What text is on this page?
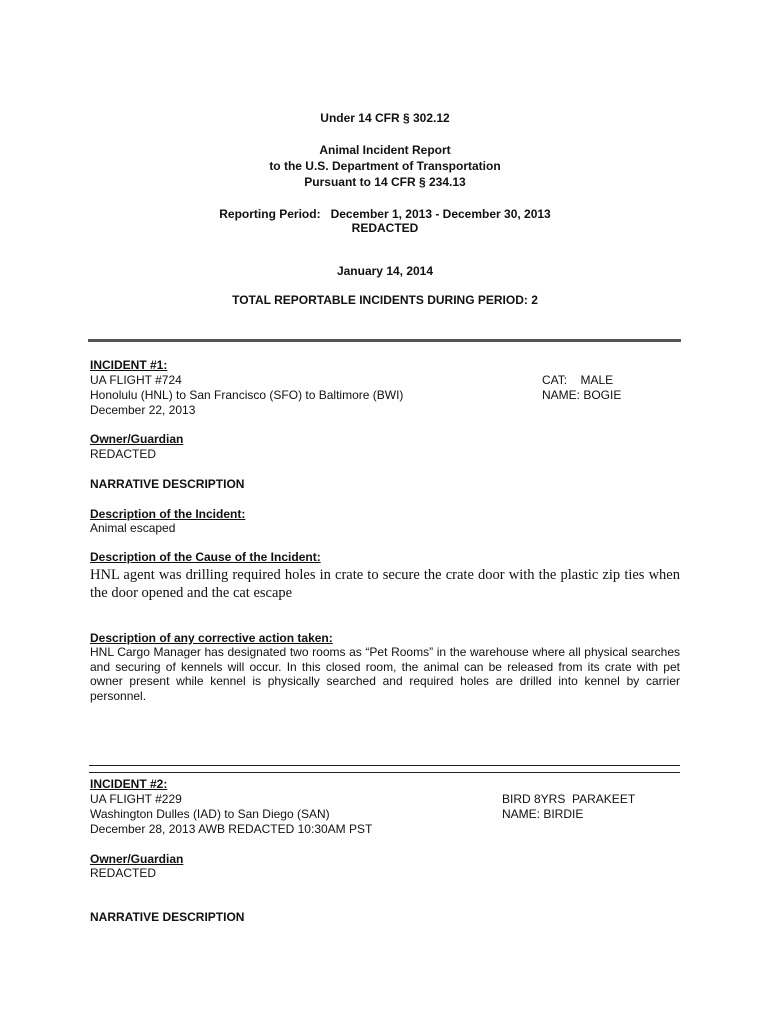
Under 14 CFR § 302.12
Animal Incident Report
to the U.S. Department of Transportation
Pursuant to 14 CFR § 234.13
Reporting Period:   December 1, 2013 - December 30, 2013
REDACTED
January 14, 2014
TOTAL REPORTABLE INCIDENTS DURING PERIOD: 2
INCIDENT #1:
UA FLIGHT #724
Honolulu (HNL) to San Francisco (SFO) to Baltimore (BWI)
December 22, 2013
CAT:    MALE
NAME: BOGIE
Owner/Guardian
REDACTED
NARRATIVE DESCRIPTION
Description of the Incident:
Animal escaped
Description of the Cause of the Incident:
HNL agent was drilling required holes in crate to secure the crate door with the plastic zip ties when the door opened and the cat escape
Description of any corrective action taken:
HNL Cargo Manager has designated two rooms as “Pet Rooms” in the warehouse where all physical searches and securing of kennels will occur. In this closed room, the animal can be released from its crate with pet owner present while kennel is physically searched and required holes are drilled into kennel by carrier personnel.
INCIDENT #2:
UA FLIGHT #229
Washington Dulles (IAD) to San Diego (SAN)
December 28, 2013 AWB REDACTED 10:30AM PST
BIRD 8YRS  PARAKEET
NAME: BIRDIE
Owner/Guardian
REDACTED
NARRATIVE DESCRIPTION
